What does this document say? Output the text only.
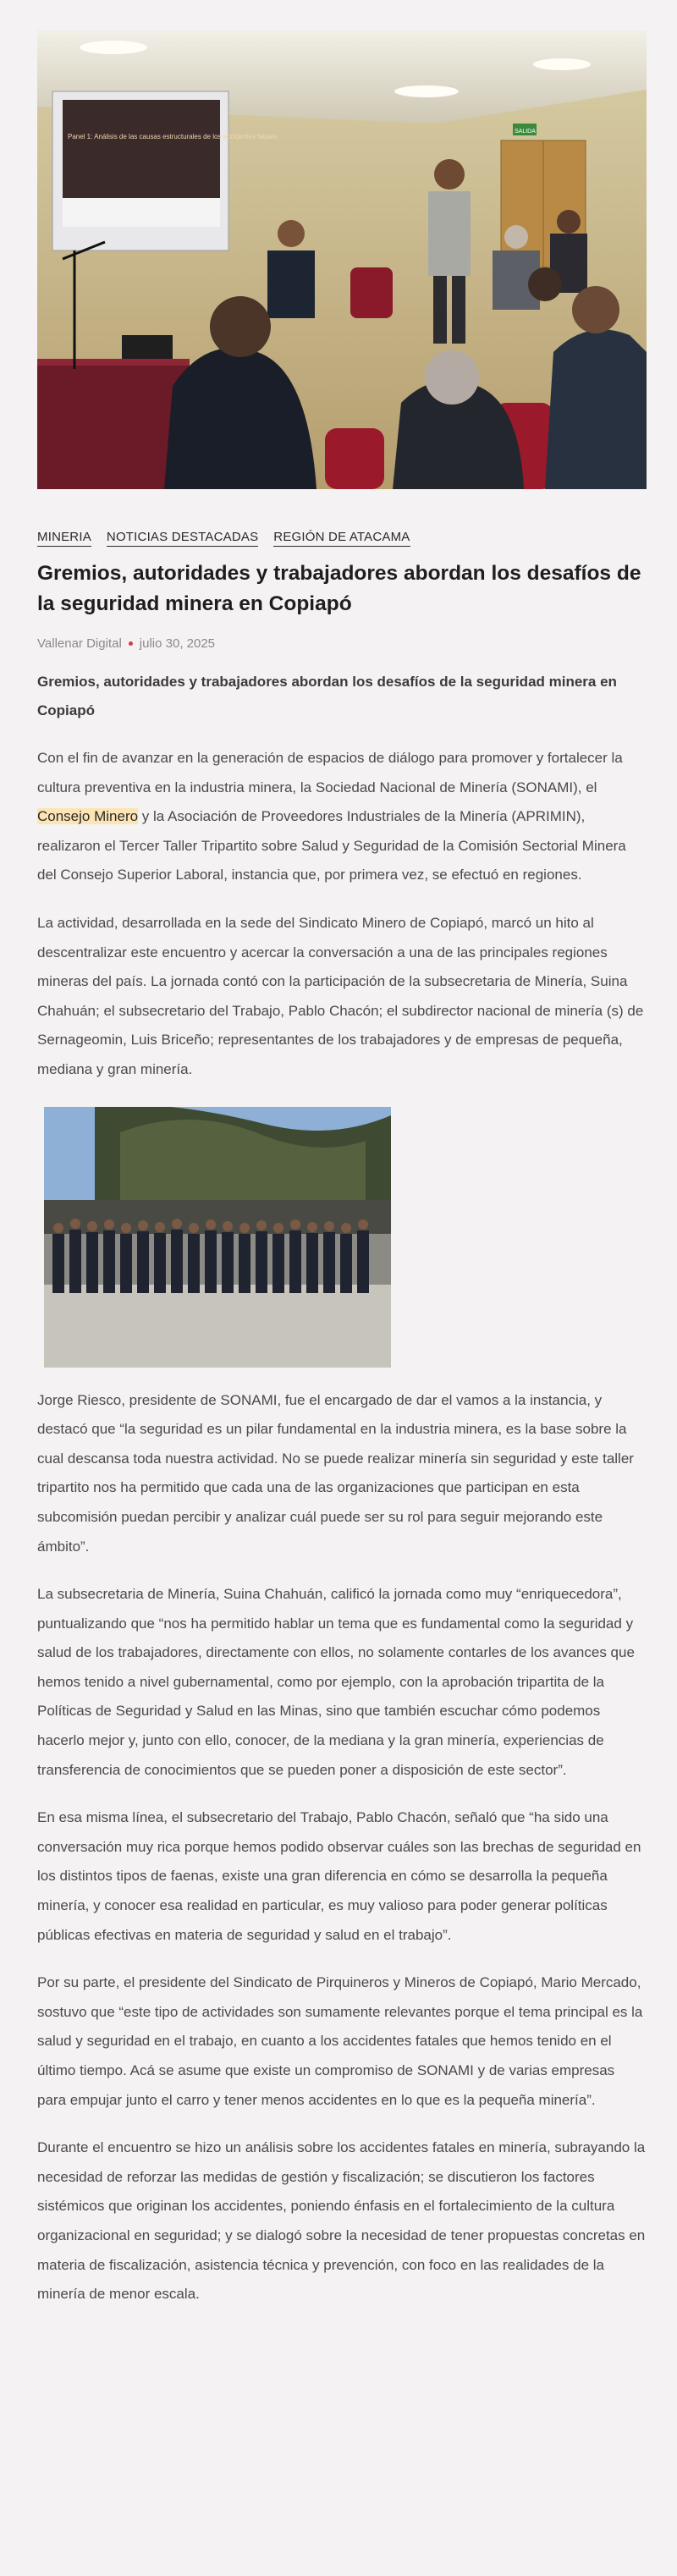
Panel 1: Análisis de las causas estructurales de los accidentes fatales
SALIDA
MINERIA NOTICIAS DESTACADAS REGIÓN DE ATACAMA
Gremios, autoridades y trabajadores abordan los desafíos de la seguridad minera en Copiapó
Vallenar Digital julio 30, 2025
Gremios, autoridades y trabajadores abordan los desafíos de la seguridad minera en Copiapó

Con el fin de avanzar en la generación de espacios de diálogo para promover y fortalecer la cultura preventiva en la industria minera, la Sociedad Nacional de Minería (SONAMI), el Consejo Minero y la Asociación de Proveedores Industriales de la Minería (APRIMIN), realizaron el Tercer Taller Tripartito sobre Salud y Seguridad de la Comisión Sectorial Minera del Consejo Superior Laboral, instancia que, por primera vez, se efectuó en regiones.

La actividad, desarrollada en la sede del Sindicato Minero de Copiapó, marcó un hito al descentralizar este encuentro y acercar la conversación a una de las principales regiones mineras del país. La jornada contó con la participación de la subsecretaria de Minería, Suina Chahuán; el subsecretario del Trabajo, Pablo Chacón; el subdirector nacional de minería (s) de Sernageomin, Luis Briceño; representantes de los trabajadores y de empresas de pequeña, mediana y gran minería.

Jorge Riesco, presidente de SONAMI, fue el encargado de dar el vamos a la instancia, y destacó que “la seguridad es un pilar fundamental en la industria minera, es la base sobre la cual descansa toda nuestra actividad. No se puede realizar minería sin seguridad y este taller tripartito nos ha permitido que cada una de las organizaciones que participan en esta subcomisión puedan percibir y analizar cuál puede ser su rol para seguir mejorando este ámbito”.

La subsecretaria de Minería, Suina Chahuán, calificó la jornada como muy “enriquecedora”, puntualizando que “nos ha permitido hablar un tema que es fundamental como la seguridad y salud de los trabajadores, directamente con ellos, no solamente contarles de los avances que hemos tenido a nivel gubernamental, como por ejemplo, con la aprobación tripartita de la Políticas de Seguridad y Salud en las Minas, sino que también escuchar cómo podemos hacerlo mejor y, junto con ello, conocer, de la mediana y la gran minería, experiencias de transferencia de conocimientos que se pueden poner a disposición de este sector”.

En esa misma línea, el subsecretario del Trabajo, Pablo Chacón, señaló que “ha sido una conversación muy rica porque hemos podido observar cuáles son las brechas de seguridad en los distintos tipos de faenas, existe una gran diferencia en cómo se desarrolla la pequeña minería, y conocer esa realidad en particular, es muy valioso para poder generar políticas públicas efectivas en materia de seguridad y salud en el trabajo”.

Por su parte, el presidente del Sindicato de Pirquineros y Mineros de Copiapó, Mario Mercado, sostuvo que “este tipo de actividades son sumamente relevantes porque el tema principal es la salud y seguridad en el trabajo, en cuanto a los accidentes fatales que hemos tenido en el último tiempo. Acá se asume que existe un compromiso de SONAMI y de varias empresas para empujar junto el carro y tener menos accidentes en lo que es la pequeña minería”.

Durante el encuentro se hizo un análisis sobre los accidentes fatales en minería, subrayando la necesidad de reforzar las medidas de gestión y fiscalización; se discutieron los factores sistémicos que originan los accidentes, poniendo énfasis en el fortalecimiento de la cultura organizacional en seguridad; y se dialogó sobre la necesidad de tener propuestas concretas en materia de fiscalización, asistencia técnica y prevención, con foco en las realidades de la minería de menor escala.
